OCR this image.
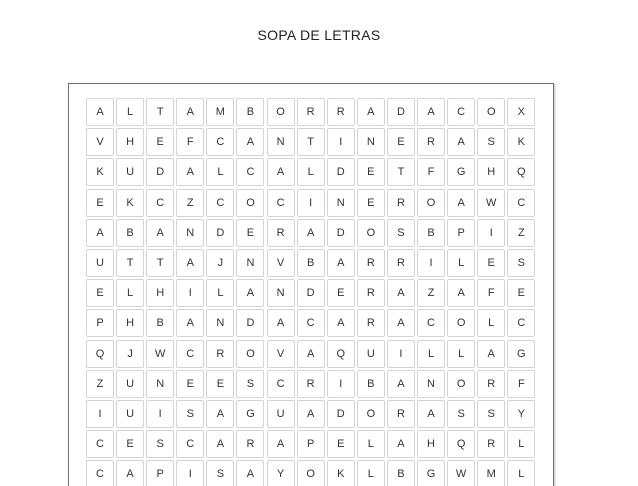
SOPA DE LETRAS
A	L	T	A	M	B	O	R	R	A	D	A	C	O	X
V	H	E	F	C	A	N	T	I	N	E	R	A	S	K
K	U	D	A	L	C	A	L	D	E	T	F	G	H	Q
E	K	C	Z	C	O	C	I	N	E	R	O	A	W	C
A	B	A	N	D	E	R	A	D	O	S	B	P	I	Z
U	T	T	A	J	N	V	B	A	R	R	I	L	E	S
E	L	H	I	L	A	N	D	E	R	A	Z	A	F	E
P	H	B	A	N	D	A	C	A	R	A	C	O	L	C
Q	J	W	C	R	O	V	A	Q	U	I	L	L	A	G
Z	U	N	E	E	S	C	R	I	B	A	N	O	R	F
I	U	I	S	A	G	U	A	D	O	R	A	S	S	Y
C	E	S	C	A	R	A	P	E	L	A	H	Q	R	L
C	A	P	I	S	A	Y	O	K	L	B	G	W	M	L
